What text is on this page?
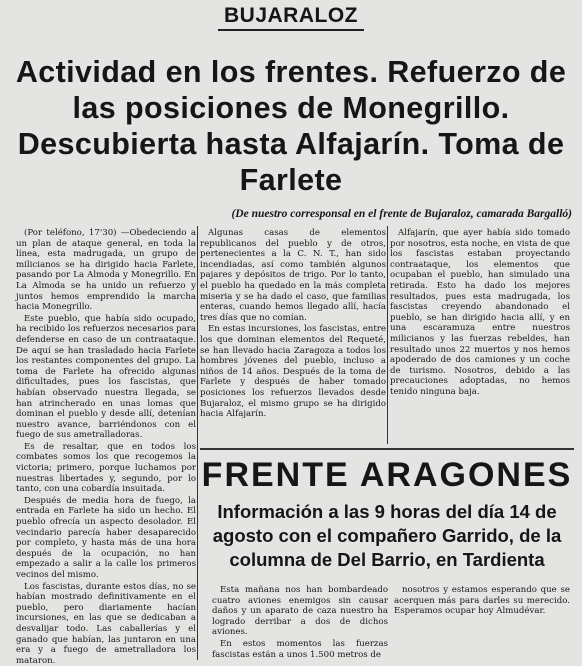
BUJARALOZ
Actividad en los frentes. Refuerzo de las posiciones de Monegrillo. Descubierta hasta Alfajarín. Toma de Farlete
(De nuestro corresponsal en el frente de Bujaraloz, camarada Bargalló)

(Por teléfono, 17'30) —Obedeciendo a un plan de ataque general, en toda la línea, esta madrugada, un grupo de milicianos se ha dirigido hacia Farlete, pasando por La Almoda y Monegrillo. En La Almoda se ha unido un refuerzo y juntos hemos emprendido la marcha hacia Monegrillo.

Este pueblo, que había sido ocupado, ha recibido los refuerzos necesarios para defenderse en caso de un contraataque. De aquí se han trasladado hacia Farlete los restantes componentes del grupo. La toma de Farlete ha ofrecido algunas dificultades, pues los fascistas, que habían observado nuestra llegada, se han atrincherado en unas lomas que dominan el pueblo y desde allí, detenían nuestro avance, barriéndonos con el fuego de sus ametralladoras.

Es de resaltar, que en todos los combates somos los que recogemos la victoria; primero, porque luchamos por nuestras libertades y, segundo, por lo tanto, con una cobardía insuitada.

Después de media hora de fuego, la entrada en Farlete ha sido un hecho. El pueblo ofrecía un aspecto desolador. El vecindario parecía haber desaparecido por completo, y hasta más de una hora después de la ocupación, no han empezado a salir a la calle los primeros vecinos del mismo.

Los fascistas, durante estos días, no se habían mostrado definitivamente en el pueblo, pero diariamente hacían incursiones, en las que se dedicaban a desvalijar todo. Las caballerías y el ganado que habían, las juntaron en una era y a fuego de ametralladora los mataron.

Algunas casas de elementos republicanos del pueblo y de otros, pertenecientes a la C. N. T., han sido incendiadas, así como también algunos pajares y depósitos de trigo. Por lo tanto, el pueblo ha quedado en la más completa miseria y se ha dado el caso, que familias enteras, cuando hemos llegado allí, hacía tres días que no comían.

En estas incursiones, los fascistas, entre los que dominan elementos del Requeté, se han llevado hacia Zaragoza a todos los hombres jóvenes del pueblo, incluso a niños de 14 años. Después de la toma de Farlete y después de haber tomado posiciones los refuerzos llevados desde Bujaraloz, el mismo grupo se ha dirigido hacia Alfajarín.

Alfajarín, que ayer había sido tomado por nosotros, esta noche, en vista de que los fascistas estaban proyectando contraataque, los elementos que ocupaban el pueblo, han simulado una retirada. Esto ha dado los mejores resultados, pues esta madrugada, los fascistas creyendo abandonado el pueblo, se han dirigido hacia allí, y en una escaramuza entre nuestros milicianos y las fuerzas rebeldes, han resultado unos 22 muertos y nos hemos apoderado de dos camiones y un coche de turismo. Nosotros, debido a las precauciones adoptadas, no hemos tenido ninguna baja.

FRENTE ARAGONES
Información a las 9 horas del día 14 de agosto con el compañero Garrido, de la columna de Del Barrio, en Tardienta

Esta mañana nos han bombardeado cuatro aviones enemigos sin causar daños y un aparato de caza nuestro ha logrado derribar a dos de dichos aviones.

En estos momentos las fuerzas fascistas están a unos 1.500 metros de

nosotros y estamos esperando que se acerquen más para darles su merecido. Esperamos ocupar hoy Almudévar.
